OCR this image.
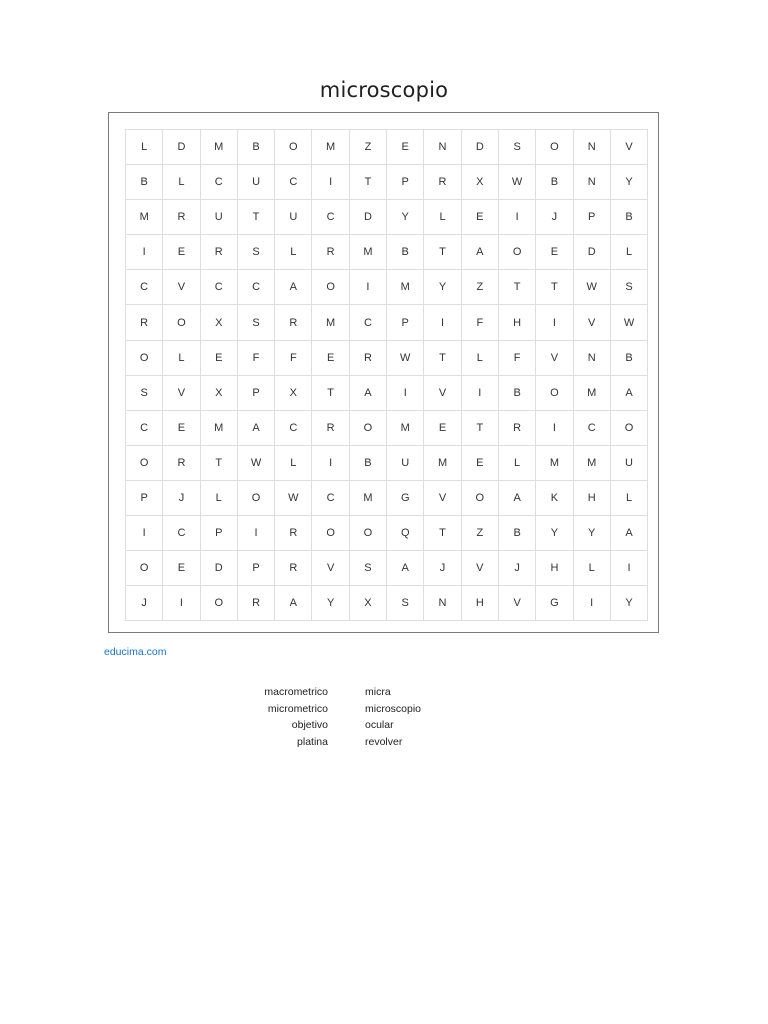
microscopio
L	D	M	B	O	M	Z	E	N	D	S	O	N	V
B	L	C	U	C	I	T	P	R	X	W	B	N	Y
M	R	U	T	U	C	D	Y	L	E	I	J	P	B
I	E	R	S	L	R	M	B	T	A	O	E	D	L
C	V	C	C	A	O	I	M	Y	Z	T	T	W	S
R	O	X	S	R	M	C	P	I	F	H	I	V	W
O	L	E	F	F	E	R	W	T	L	F	V	N	B
S	V	X	P	X	T	A	I	V	I	B	O	M	A
C	E	M	A	C	R	O	M	E	T	R	I	C	O
O	R	T	W	L	I	B	U	M	E	L	M	M	U
P	J	L	O	W	C	M	G	V	O	A	K	H	L
I	C	P	I	R	O	O	Q	T	Z	B	Y	Y	A
O	E	D	P	R	V	S	A	J	V	J	H	L	I
J	I	O	R	A	Y	X	S	N	H	V	G	I	Y
educima.com
macrometrico	micra
micrometrico	microscopio
objetivo	ocular
platina	revolver
